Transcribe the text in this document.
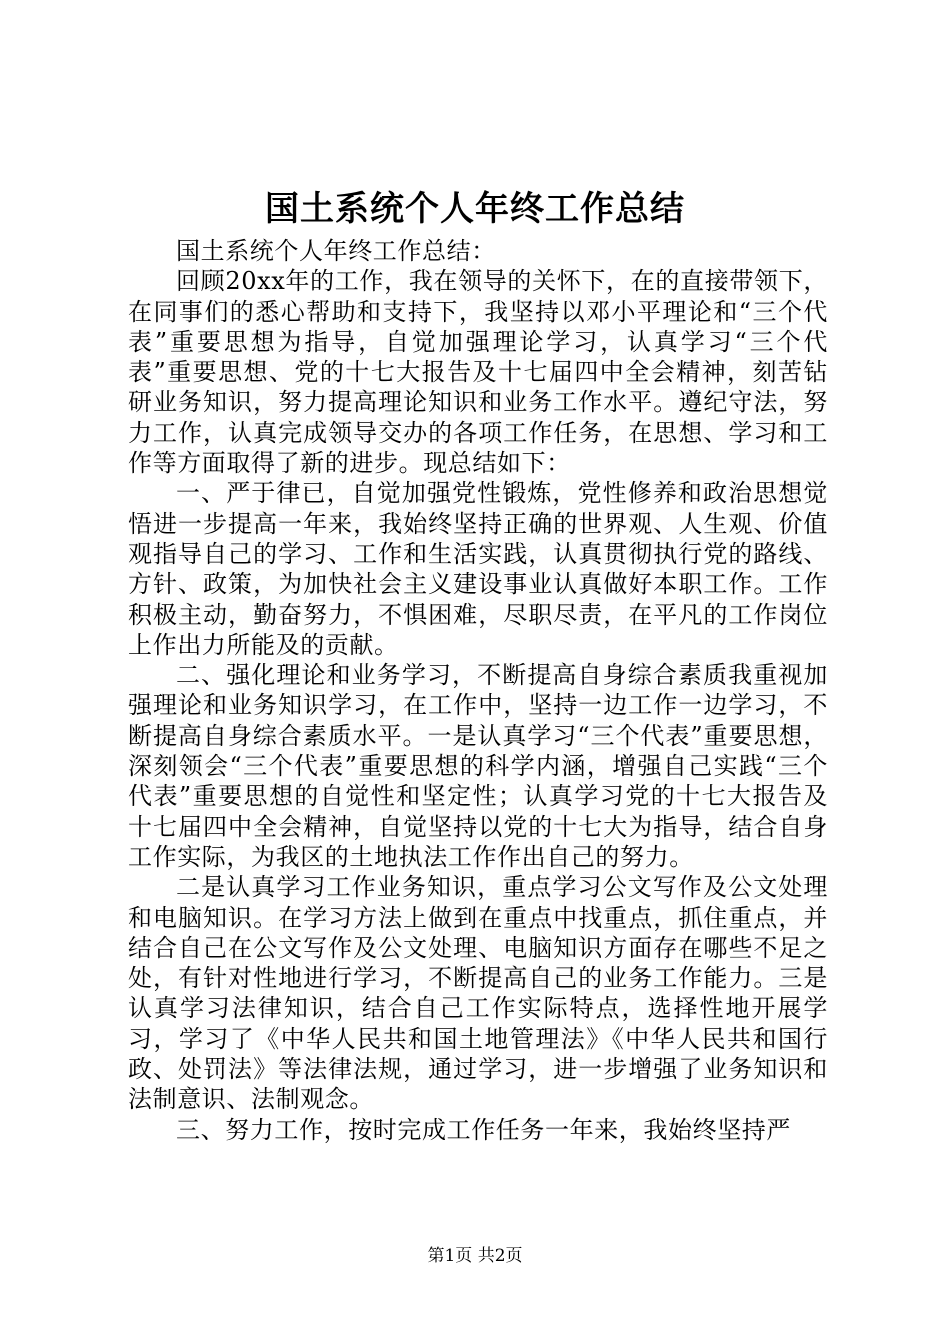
国土系统个人年终工作总结

国土系统个人年终工作总结：

回顾20xx年的工作，我在领导的关怀下，在的直接带领下，在同事们的悉心帮助和支持下，我坚持以邓小平理论和“三个代表”重要思想为指导，自觉加强理论学习，认真学习“三个代表”重要思想、党的十七大报告及十七届四中全会精神，刻苦钻研业务知识，努力提高理论知识和业务工作水平。遵纪守法，努力工作，认真完成领导交办的各项工作任务，在思想、学习和工作等方面取得了新的进步。现总结如下：

一、严于律已，自觉加强党性锻炼，党性修养和政治思想觉悟进一步提高一年来，我始终坚持正确的世界观、人生观、价值观指导自己的学习、工作和生活实践，认真贯彻执行党的路线、方针、政策，为加快社会主义建设事业认真做好本职工作。工作积极主动，勤奋努力，不惧困难，尽职尽责，在平凡的工作岗位上作出力所能及的贡献。

二、强化理论和业务学习，不断提高自身综合素质我重视加强理论和业务知识学习，在工作中，坚持一边工作一边学习，不断提高自身综合素质水平。一是认真学习“三个代表”重要思想，深刻领会“三个代表”重要思想的科学内涵，增强自己实践“三个代表”重要思想的自觉性和坚定性；认真学习党的十七大报告及十七届四中全会精神，自觉坚持以党的十七大为指导，结合自身工作实际，为我区的土地执法工作作出自己的努力。

二是认真学习工作业务知识，重点学习公文写作及公文处理和电脑知识。在学习方法上做到在重点中找重点，抓住重点，并结合自己在公文写作及公文处理、电脑知识方面存在哪些不足之处，有针对性地进行学习，不断提高自己的业务工作能力。三是认真学习法律知识，结合自己工作实际特点，选择性地开展学习，学习了《中华人民共和国土地管理法》《中华人民共和国行政、处罚法》等法律法规，通过学习，进一步增强了业务知识和法制意识、法制观念。

三、努力工作，按时完成工作任务一年来，我始终坚持严

第1页 共2页
